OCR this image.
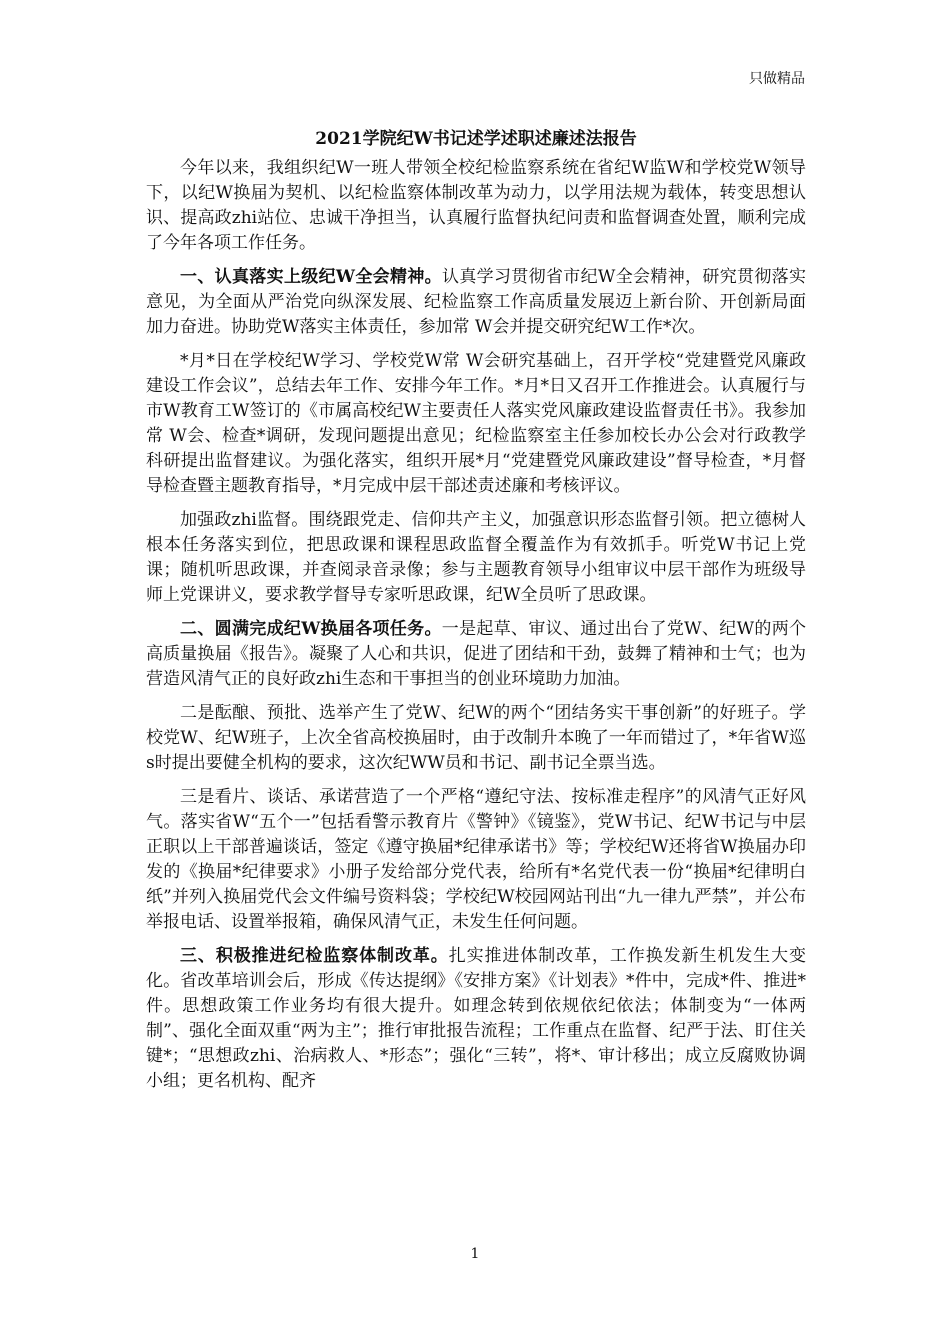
只做精品
2021学院纪W书记述学述职述廉述法报告

今年以来，我组织纪W一班人带领全校纪检监察系统在省纪W监W和学校党W领导下，以纪W换届为契机、以纪检监察体制改革为动力，以学用法规为载体，转变思想认识、提高政zhi站位、忠诚干净担当，认真履行监督执纪问责和监督调查处置，顺利完成了今年各项工作任务。

一、认真落实上级纪W全会精神。认真学习贯彻省市纪W全会精神，研究贯彻落实意见，为全面从严治党向纵深发展、纪检监察工作高质量发展迈上新台阶、开创新局面加力奋进。协助党W落实主体责任，参加常 W会并提交研究纪W工作*次。

*月*日在学校纪W学习、学校党W常 W会研究基础上，召开学校“党建暨党风廉政建设工作会议”，总结去年工作、安排今年工作。*月*日又召开工作推进会。认真履行与市W教育工W签订的《市属高校纪W主要责任人落实党风廉政建设监督责任书》。我参加常 W会、检查*调研，发现问题提出意见；纪检监察室主任参加校长办公会对行政教学科研提出监督建议。为强化落实，组织开展*月“党建暨党风廉政建设”督导检查，*月督导检查暨主题教育指导，*月完成中层干部述责述廉和考核评议。

加强政zhi监督。围绕跟党走、信仰共产主义，加强意识形态监督引领。把立德树人根本任务落实到位，把思政课和课程思政监督全覆盖作为有效抓手。听党W书记上党课；随机听思政课，并查阅录音录像；参与主题教育领导小组审议中层干部作为班级导师上党课讲义，要求教学督导专家听思政课，纪W全员听了思政课。

二、圆满完成纪W换届各项任务。一是起草、审议、通过出台了党W、纪W的两个高质量换届《报告》。凝聚了人心和共识，促进了团结和干劲，鼓舞了精神和士气；也为营造风清气正的良好政zhi生态和干事担当的创业环境助力加油。

二是酝酿、预批、选举产生了党W、纪W的两个“团结务实干事创新”的好班子。学校党W、纪W班子，上次全省高校换届时，由于改制升本晚了一年而错过了，*年省W巡s时提出要健全机构的要求，这次纪WW员和书记、副书记全票当选。

三是看片、谈话、承诺营造了一个严格“遵纪守法、按标准走程序”的风清气正好风气。落实省W“五个一”包括看警示教育片《警钟》《镜鉴》，党W书记、纪W书记与中层正职以上干部普遍谈话，签定《遵守换届*纪律承诺书》等；学校纪W还将省W换届办印发的《换届*纪律要求》小册子发给部分党代表，给所有*名党代表一份“换届*纪律明白纸”并列入换届党代会文件编号资料袋；学校纪W校园网站刊出“九一律九严禁”，并公布举报电话、设置举报箱，确保风清气正，未发生任何问题。

三、积极推进纪检监察体制改革。扎实推进体制改革，工作换发新生机发生大变化。省改革培训会后，形成《传达提纲》《安排方案》《计划表》*件中，完成*件、推进*件。思想政策工作业务均有很大提升。如理念转到依规依纪依法；体制变为“一体两制”、强化全面双重“两为主”；推行审批报告流程；工作重点在监督、纪严于法、盯住关键*；“思想政zhi、治病救人、*形态”；强化“三转”，将*、审计移出；成立反腐败协调小组；更名机构、配齐

1
